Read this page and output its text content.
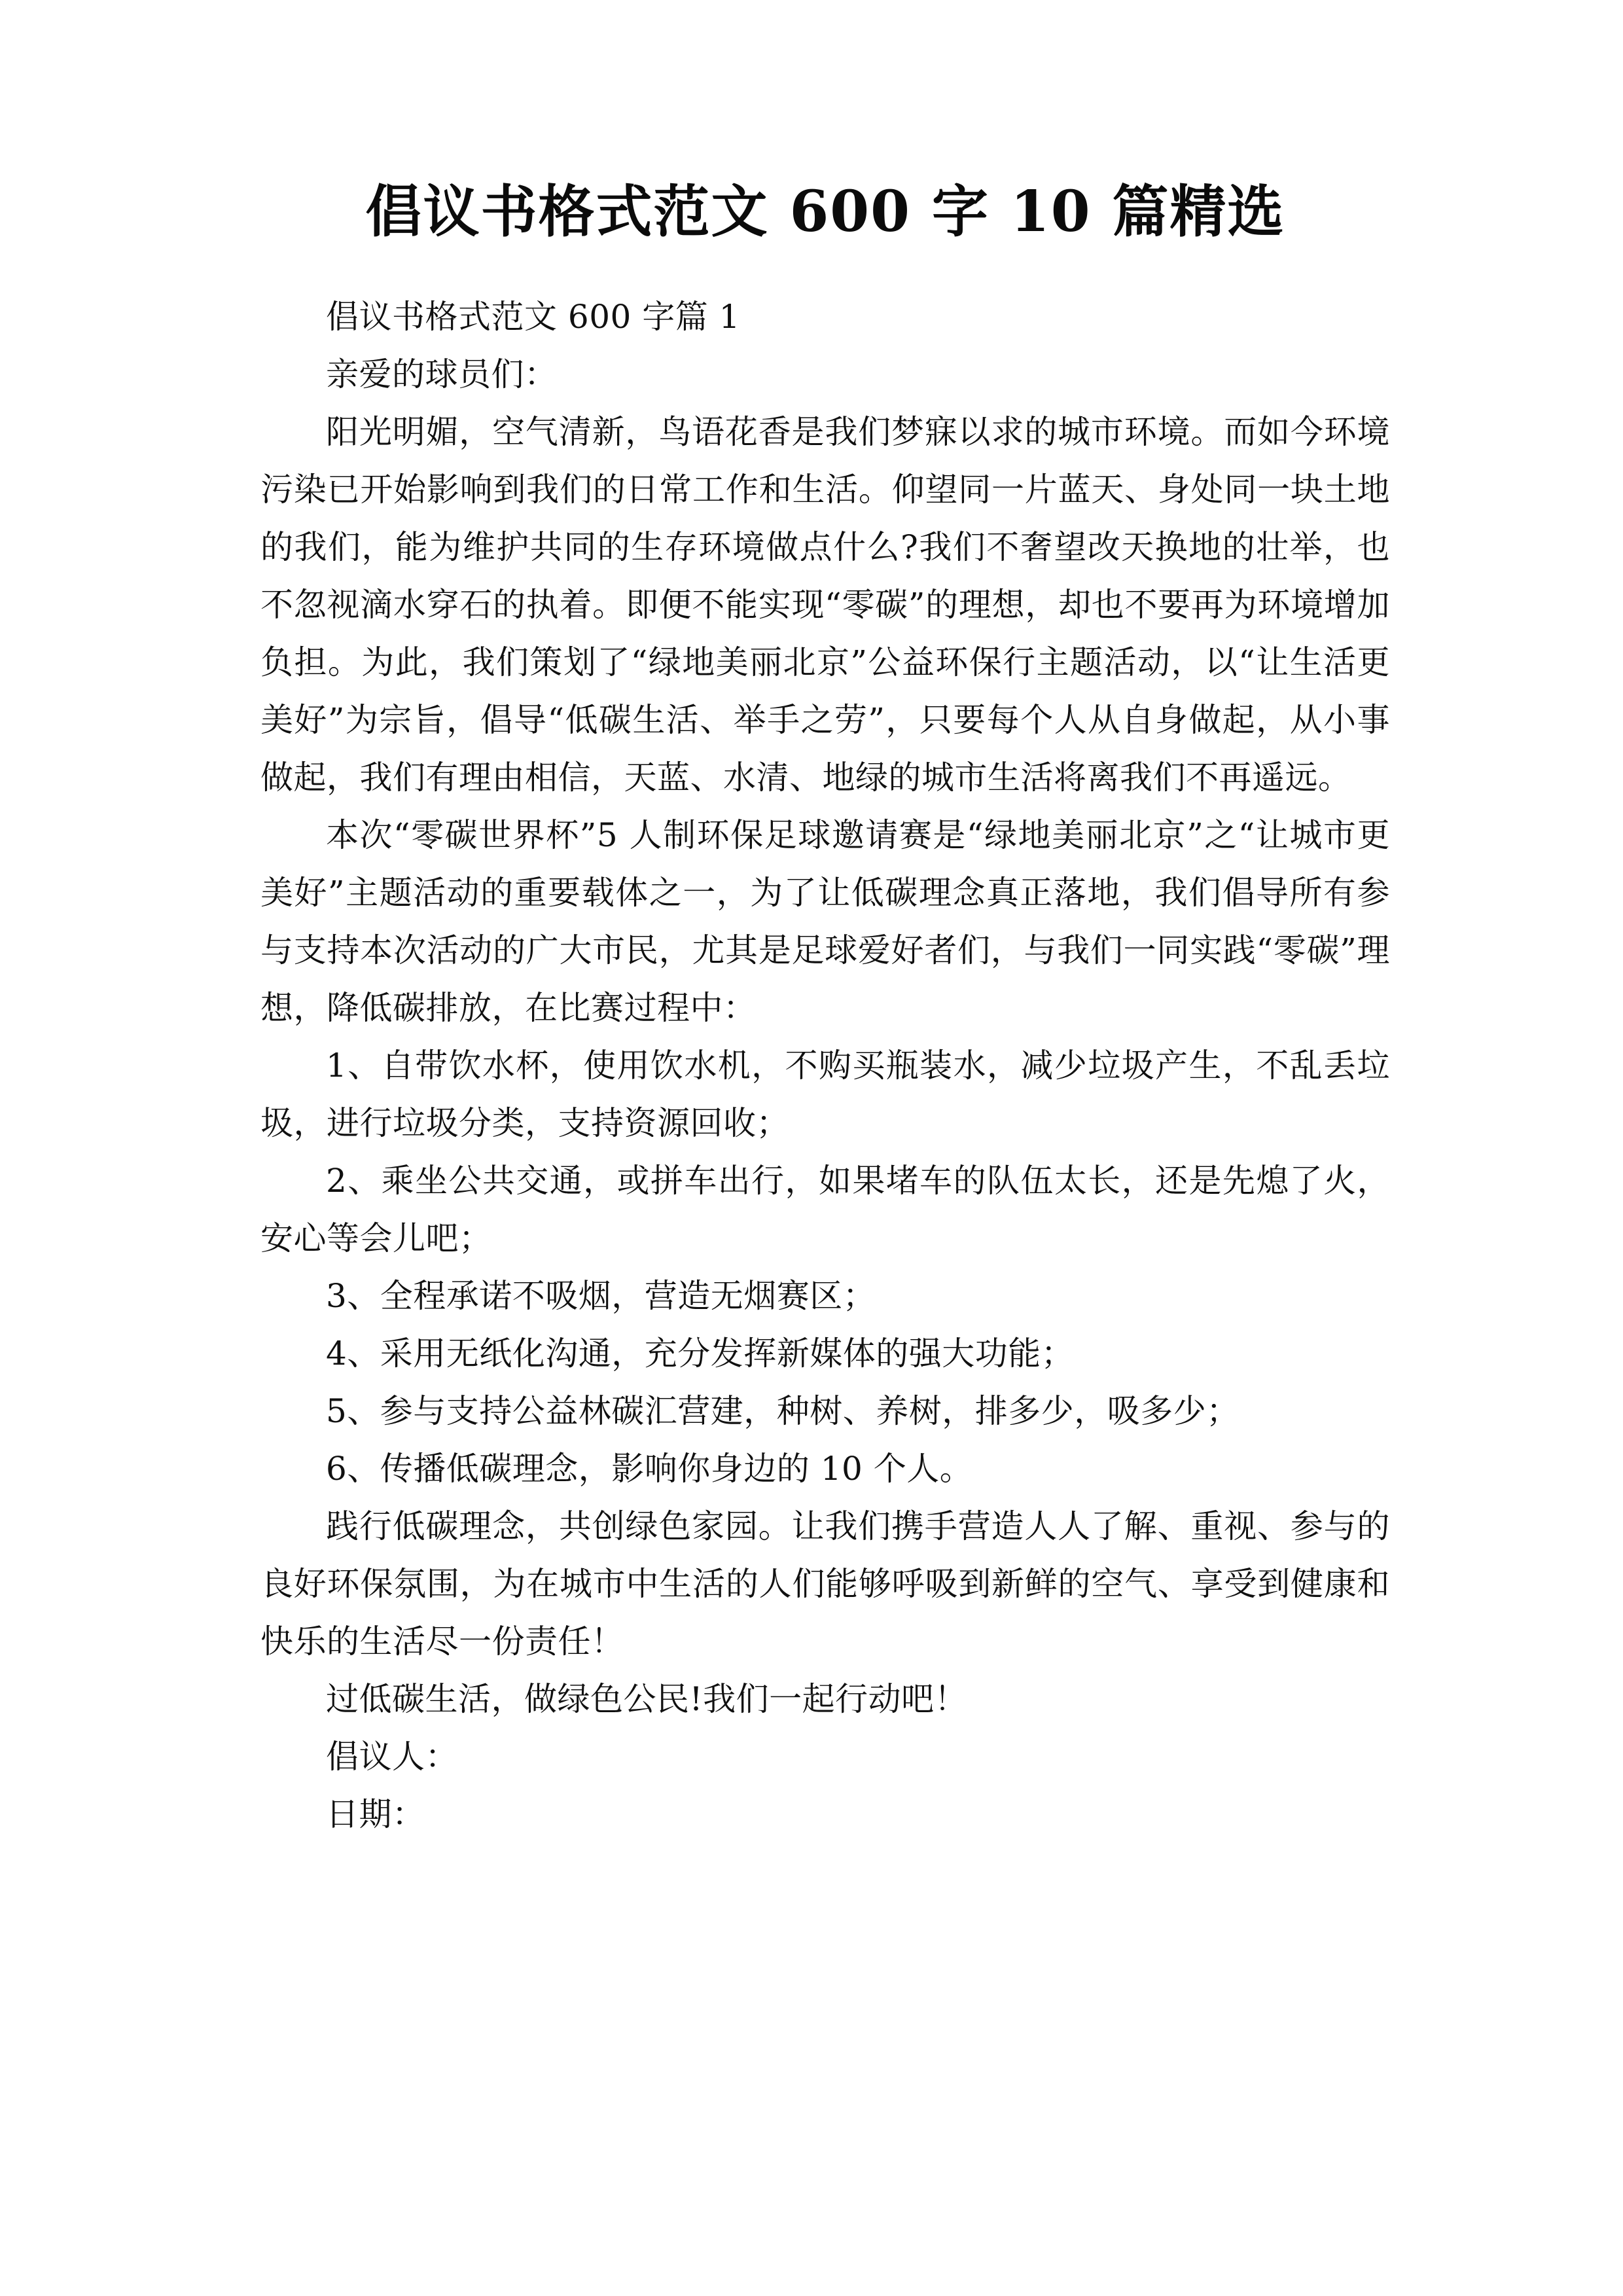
倡议书格式范文 600 字 10 篇精选

倡议书格式范文 600 字篇 1

亲爱的球员们：

阳光明媚，空气清新，鸟语花香是我们梦寐以求的城市环境。而如今环境污染已开始影响到我们的日常工作和生活。仰望同一片蓝天、身处同一块土地的我们，能为维护共同的生存环境做点什么?我们不奢望改天换地的壮举，也不忽视滴水穿石的执着。即便不能实现“零碳”的理想，却也不要再为环境增加负担。为此，我们策划了“绿地美丽北京”公益环保行主题活动，以“让生活更美好”为宗旨，倡导“低碳生活、举手之劳”，只要每个人从自身做起，从小事做起，我们有理由相信，天蓝、水清、地绿的城市生活将离我们不再遥远。

本次“零碳世界杯”5 人制环保足球邀请赛是“绿地美丽北京”之“让城市更美好”主题活动的重要载体之一，为了让低碳理念真正落地，我们倡导所有参与支持本次活动的广大市民，尤其是足球爱好者们，与我们一同实践“零碳”理想，降低碳排放，在比赛过程中：

1、自带饮水杯，使用饮水机，不购买瓶装水，减少垃圾产生，不乱丢垃圾，进行垃圾分类，支持资源回收；

2、乘坐公共交通，或拼车出行，如果堵车的队伍太长，还是先熄了火，安心等会儿吧；

3、全程承诺不吸烟，营造无烟赛区；

4、采用无纸化沟通，充分发挥新媒体的强大功能；

5、参与支持公益林碳汇营建，种树、养树，排多少，吸多少；

6、传播低碳理念，影响你身边的 10 个人。

践行低碳理念，共创绿色家园。让我们携手营造人人了解、重视、参与的良好环保氛围，为在城市中生活的人们能够呼吸到新鲜的空气、享受到健康和快乐的生活尽一份责任！

过低碳生活，做绿色公民!我们一起行动吧！

倡议人：

日期：
